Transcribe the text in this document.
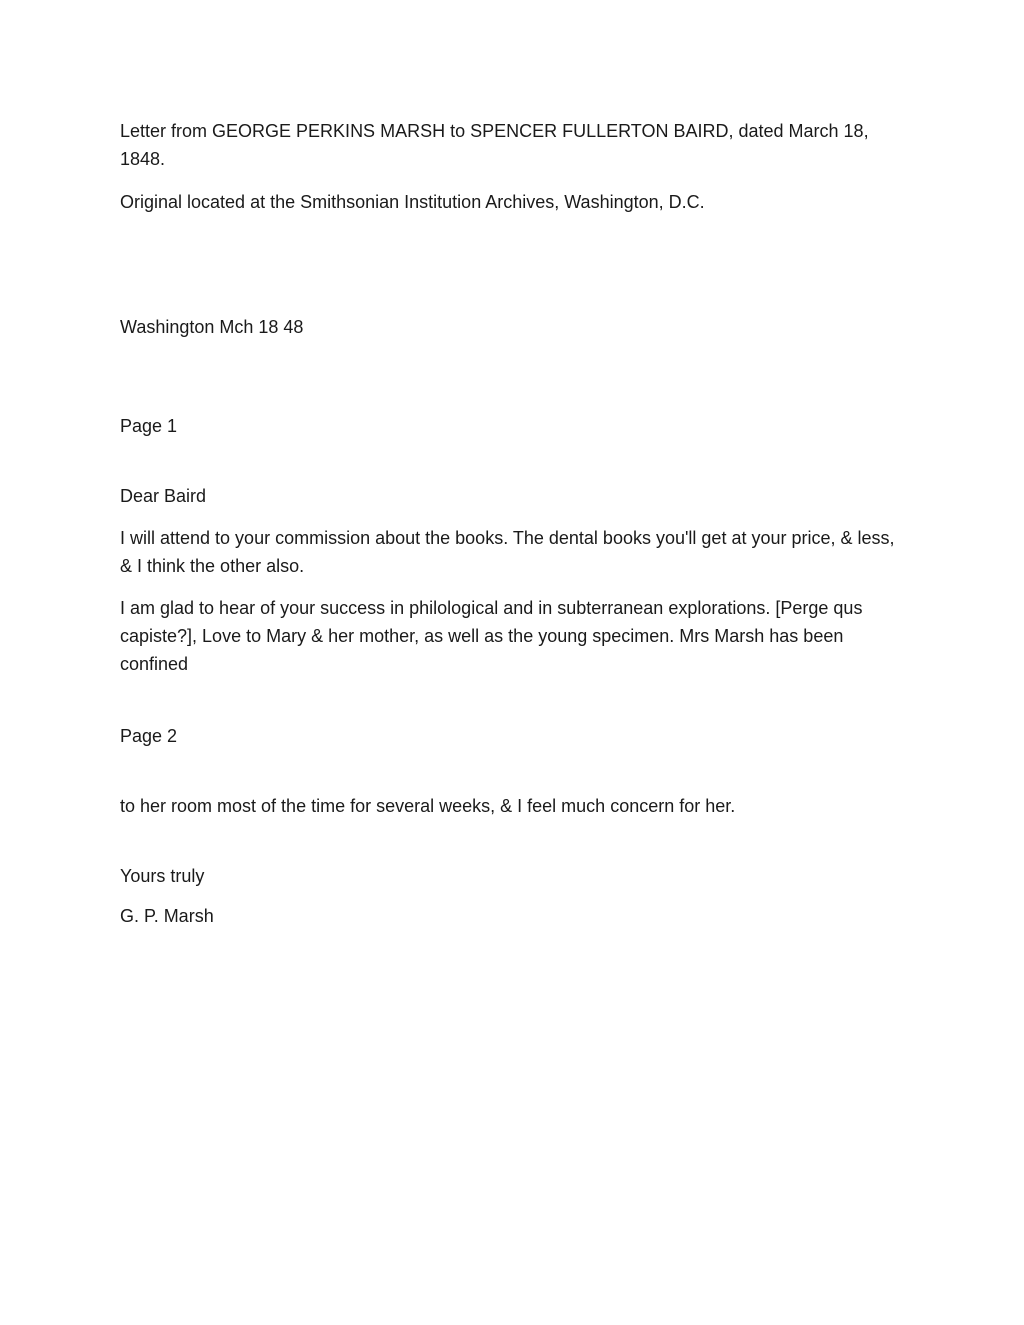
Letter from GEORGE PERKINS MARSH to SPENCER FULLERTON BAIRD, dated March 18, 1848.

Original located at the Smithsonian Institution Archives, Washington, D.C.

Washington Mch 18 48

Page 1

Dear Baird

I will attend to your commission about the books. The dental books you'll get at your price, & less, & I think the other also.

I am glad to hear of your success in philological and in subterranean explorations. [Perge qus capiste?], Love to Mary & her mother, as well as the young specimen. Mrs Marsh has been confined

Page 2

to her room most of the time for several weeks, & I feel much concern for her.

Yours truly

G. P. Marsh
